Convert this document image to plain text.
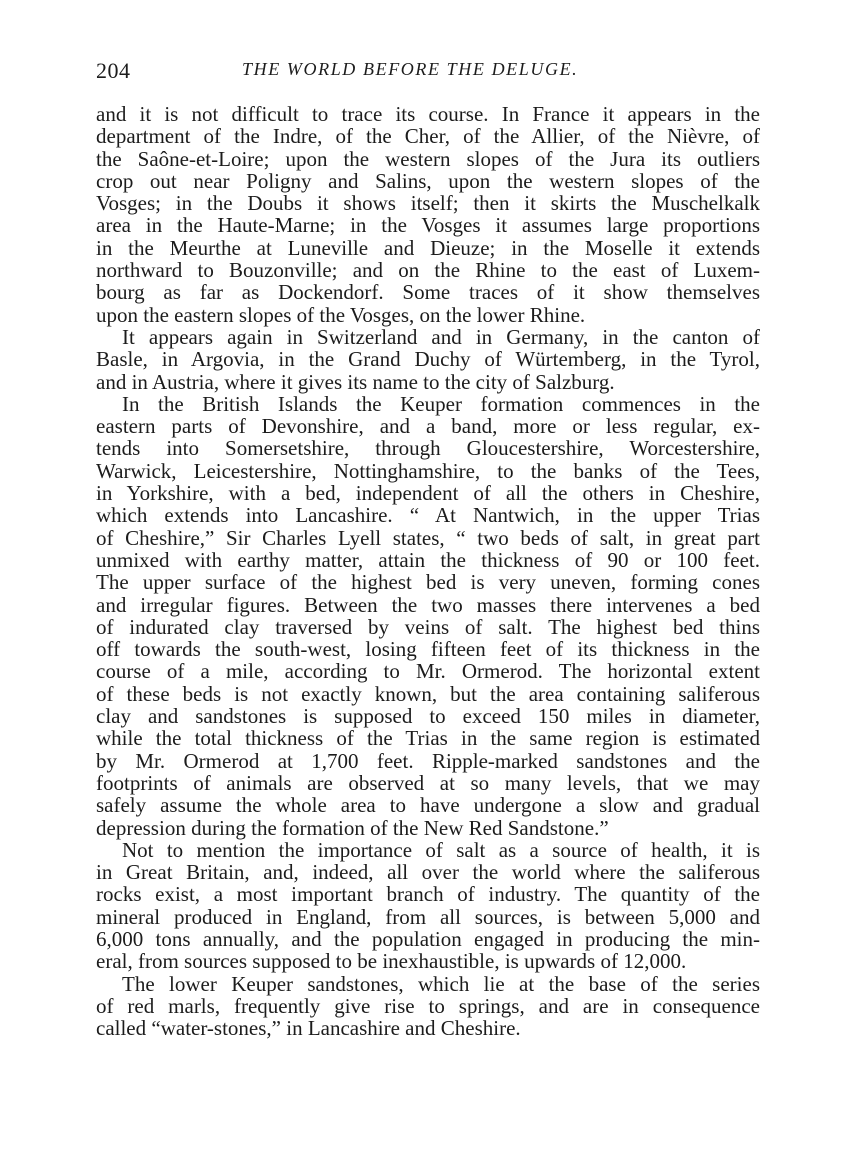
204	THE WORLD BEFORE THE DELUGE.
and it is not difficult to trace its course. In France it appears in the
department of the Indre, of the Cher, of the Allier, of the Nièvre, of
the Saône-et-Loire; upon the western slopes of the Jura its outliers
crop out near Poligny and Salins, upon the western slopes of the
Vosges; in the Doubs it shows itself; then it skirts the Muschelkalk
area in the Haute-Marne; in the Vosges it assumes large proportions
in the Meurthe at Luneville and Dieuze; in the Moselle it extends
northward to Bouzonville; and on the Rhine to the east of Luxem-
bourg as far as Dockendorf. Some traces of it show themselves
upon the eastern slopes of the Vosges, on the lower Rhine.
It appears again in Switzerland and in Germany, in the canton of
Basle, in Argovia, in the Grand Duchy of Würtemberg, in the Tyrol,
and in Austria, where it gives its name to the city of Salzburg.
In the British Islands the Keuper formation commences in the
eastern parts of Devonshire, and a band, more or less regular, ex-
tends into Somersetshire, through Gloucestershire, Worcestershire,
Warwick, Leicestershire, Nottinghamshire, to the banks of the Tees,
in Yorkshire, with a bed, independent of all the others in Cheshire,
which extends into Lancashire. “ At Nantwich, in the upper Trias
of Cheshire,” Sir Charles Lyell states, “ two beds of salt, in great part
unmixed with earthy matter, attain the thickness of 90 or 100 feet.
The upper surface of the highest bed is very uneven, forming cones
and irregular figures. Between the two masses there intervenes a bed
of indurated clay traversed by veins of salt. The highest bed thins
off towards the south-west, losing fifteen feet of its thickness in the
course of a mile, according to Mr. Ormerod. The horizontal extent
of these beds is not exactly known, but the area containing saliferous
clay and sandstones is supposed to exceed 150 miles in diameter,
while the total thickness of the Trias in the same region is estimated
by Mr. Ormerod at 1,700 feet. Ripple-marked sandstones and the
footprints of animals are observed at so many levels, that we may
safely assume the whole area to have undergone a slow and gradual
depression during the formation of the New Red Sandstone.”
Not to mention the importance of salt as a source of health, it is
in Great Britain, and, indeed, all over the world where the saliferous
rocks exist, a most important branch of industry. The quantity of the
mineral produced in England, from all sources, is between 5,000 and
6,000 tons annually, and the population engaged in producing the min-
eral, from sources supposed to be inexhaustible, is upwards of 12,000.
The lower Keuper sandstones, which lie at the base of the series
of red marls, frequently give rise to springs, and are in consequence
called “water-stones,” in Lancashire and Cheshire.
